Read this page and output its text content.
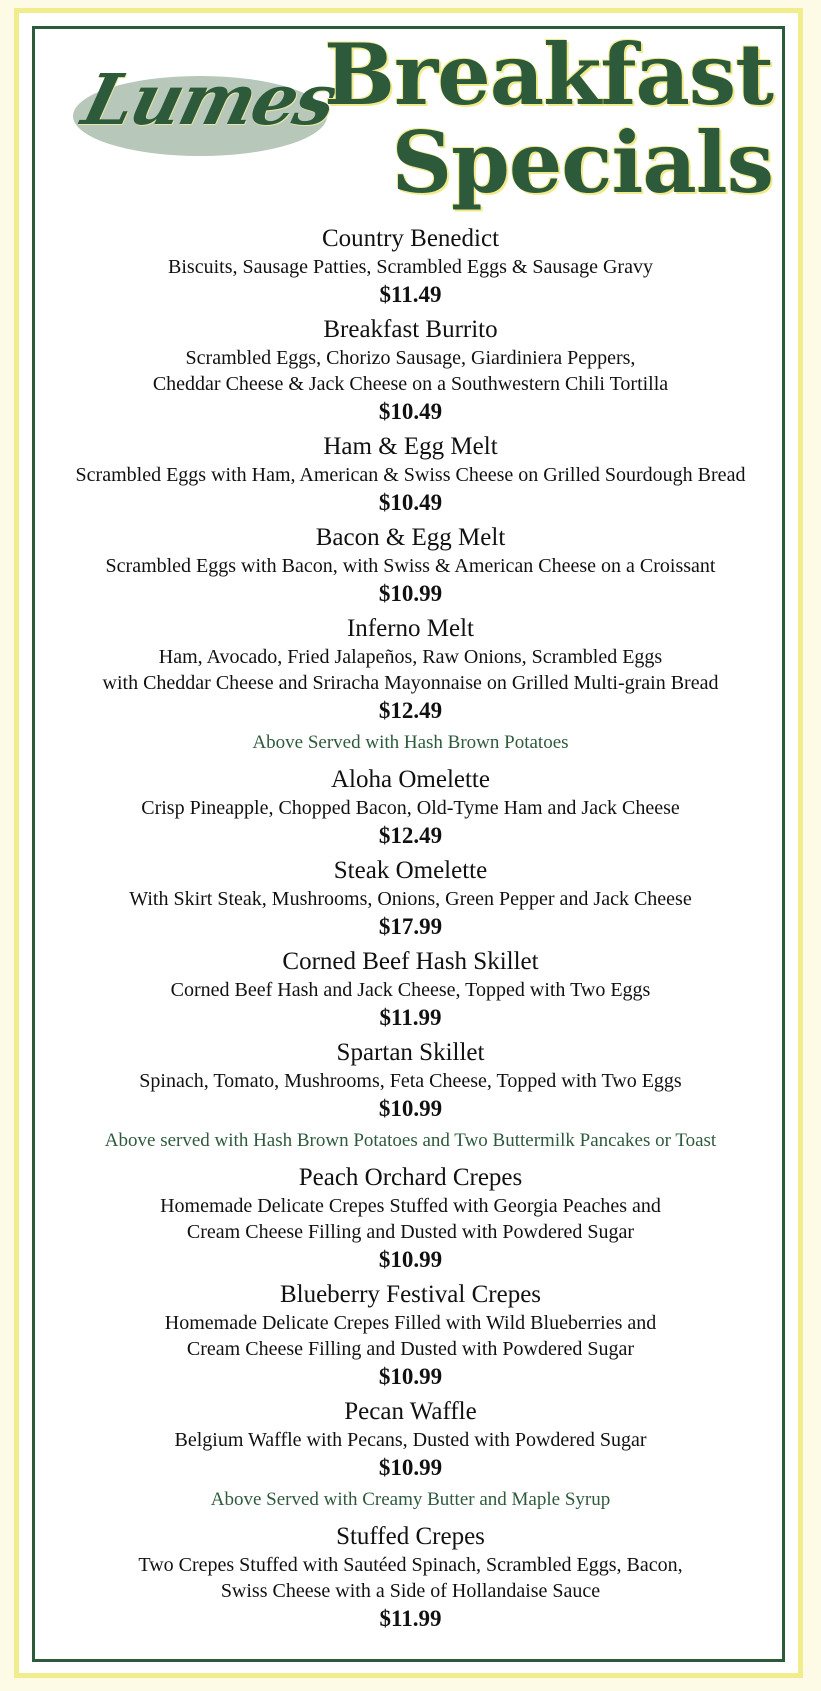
Lumes
Breakfast
Specials
Country Benedict
Biscuits, Sausage Patties, Scrambled Eggs & Sausage Gravy
$11.49
Breakfast Burrito
Scrambled Eggs, Chorizo Sausage, Giardiniera Peppers,
Cheddar Cheese & Jack Cheese on a Southwestern Chili Tortilla
$10.49
Ham & Egg Melt
Scrambled Eggs with Ham, American & Swiss Cheese on Grilled Sourdough Bread
$10.49
Bacon & Egg Melt
Scrambled Eggs with Bacon, with Swiss & American Cheese on a Croissant
$10.99
Inferno Melt
Ham, Avocado, Fried Jalapeños, Raw Onions, Scrambled Eggs
with Cheddar Cheese and Sriracha Mayonnaise on Grilled Multi-grain Bread
$12.49
Above Served with Hash Brown Potatoes
Aloha Omelette
Crisp Pineapple, Chopped Bacon, Old-Tyme Ham and Jack Cheese
$12.49
Steak Omelette
With Skirt Steak, Mushrooms, Onions, Green Pepper and Jack Cheese
$17.99
Corned Beef Hash Skillet
Corned Beef Hash and Jack Cheese, Topped with Two Eggs
$11.99
Spartan Skillet
Spinach, Tomato, Mushrooms, Feta Cheese, Topped with Two Eggs
$10.99
Above served with Hash Brown Potatoes and Two Buttermilk Pancakes or Toast
Peach Orchard Crepes
Homemade Delicate Crepes Stuffed with Georgia Peaches and
Cream Cheese Filling and Dusted with Powdered Sugar
$10.99
Blueberry Festival Crepes
Homemade Delicate Crepes Filled with Wild Blueberries and
Cream Cheese Filling and Dusted with Powdered Sugar
$10.99
Pecan Waffle
Belgium Waffle with Pecans, Dusted with Powdered Sugar
$10.99
Above Served with Creamy Butter and Maple Syrup
Stuffed Crepes
Two Crepes Stuffed with Sautéed Spinach, Scrambled Eggs, Bacon,
Swiss Cheese with a Side of Hollandaise Sauce
$11.99
